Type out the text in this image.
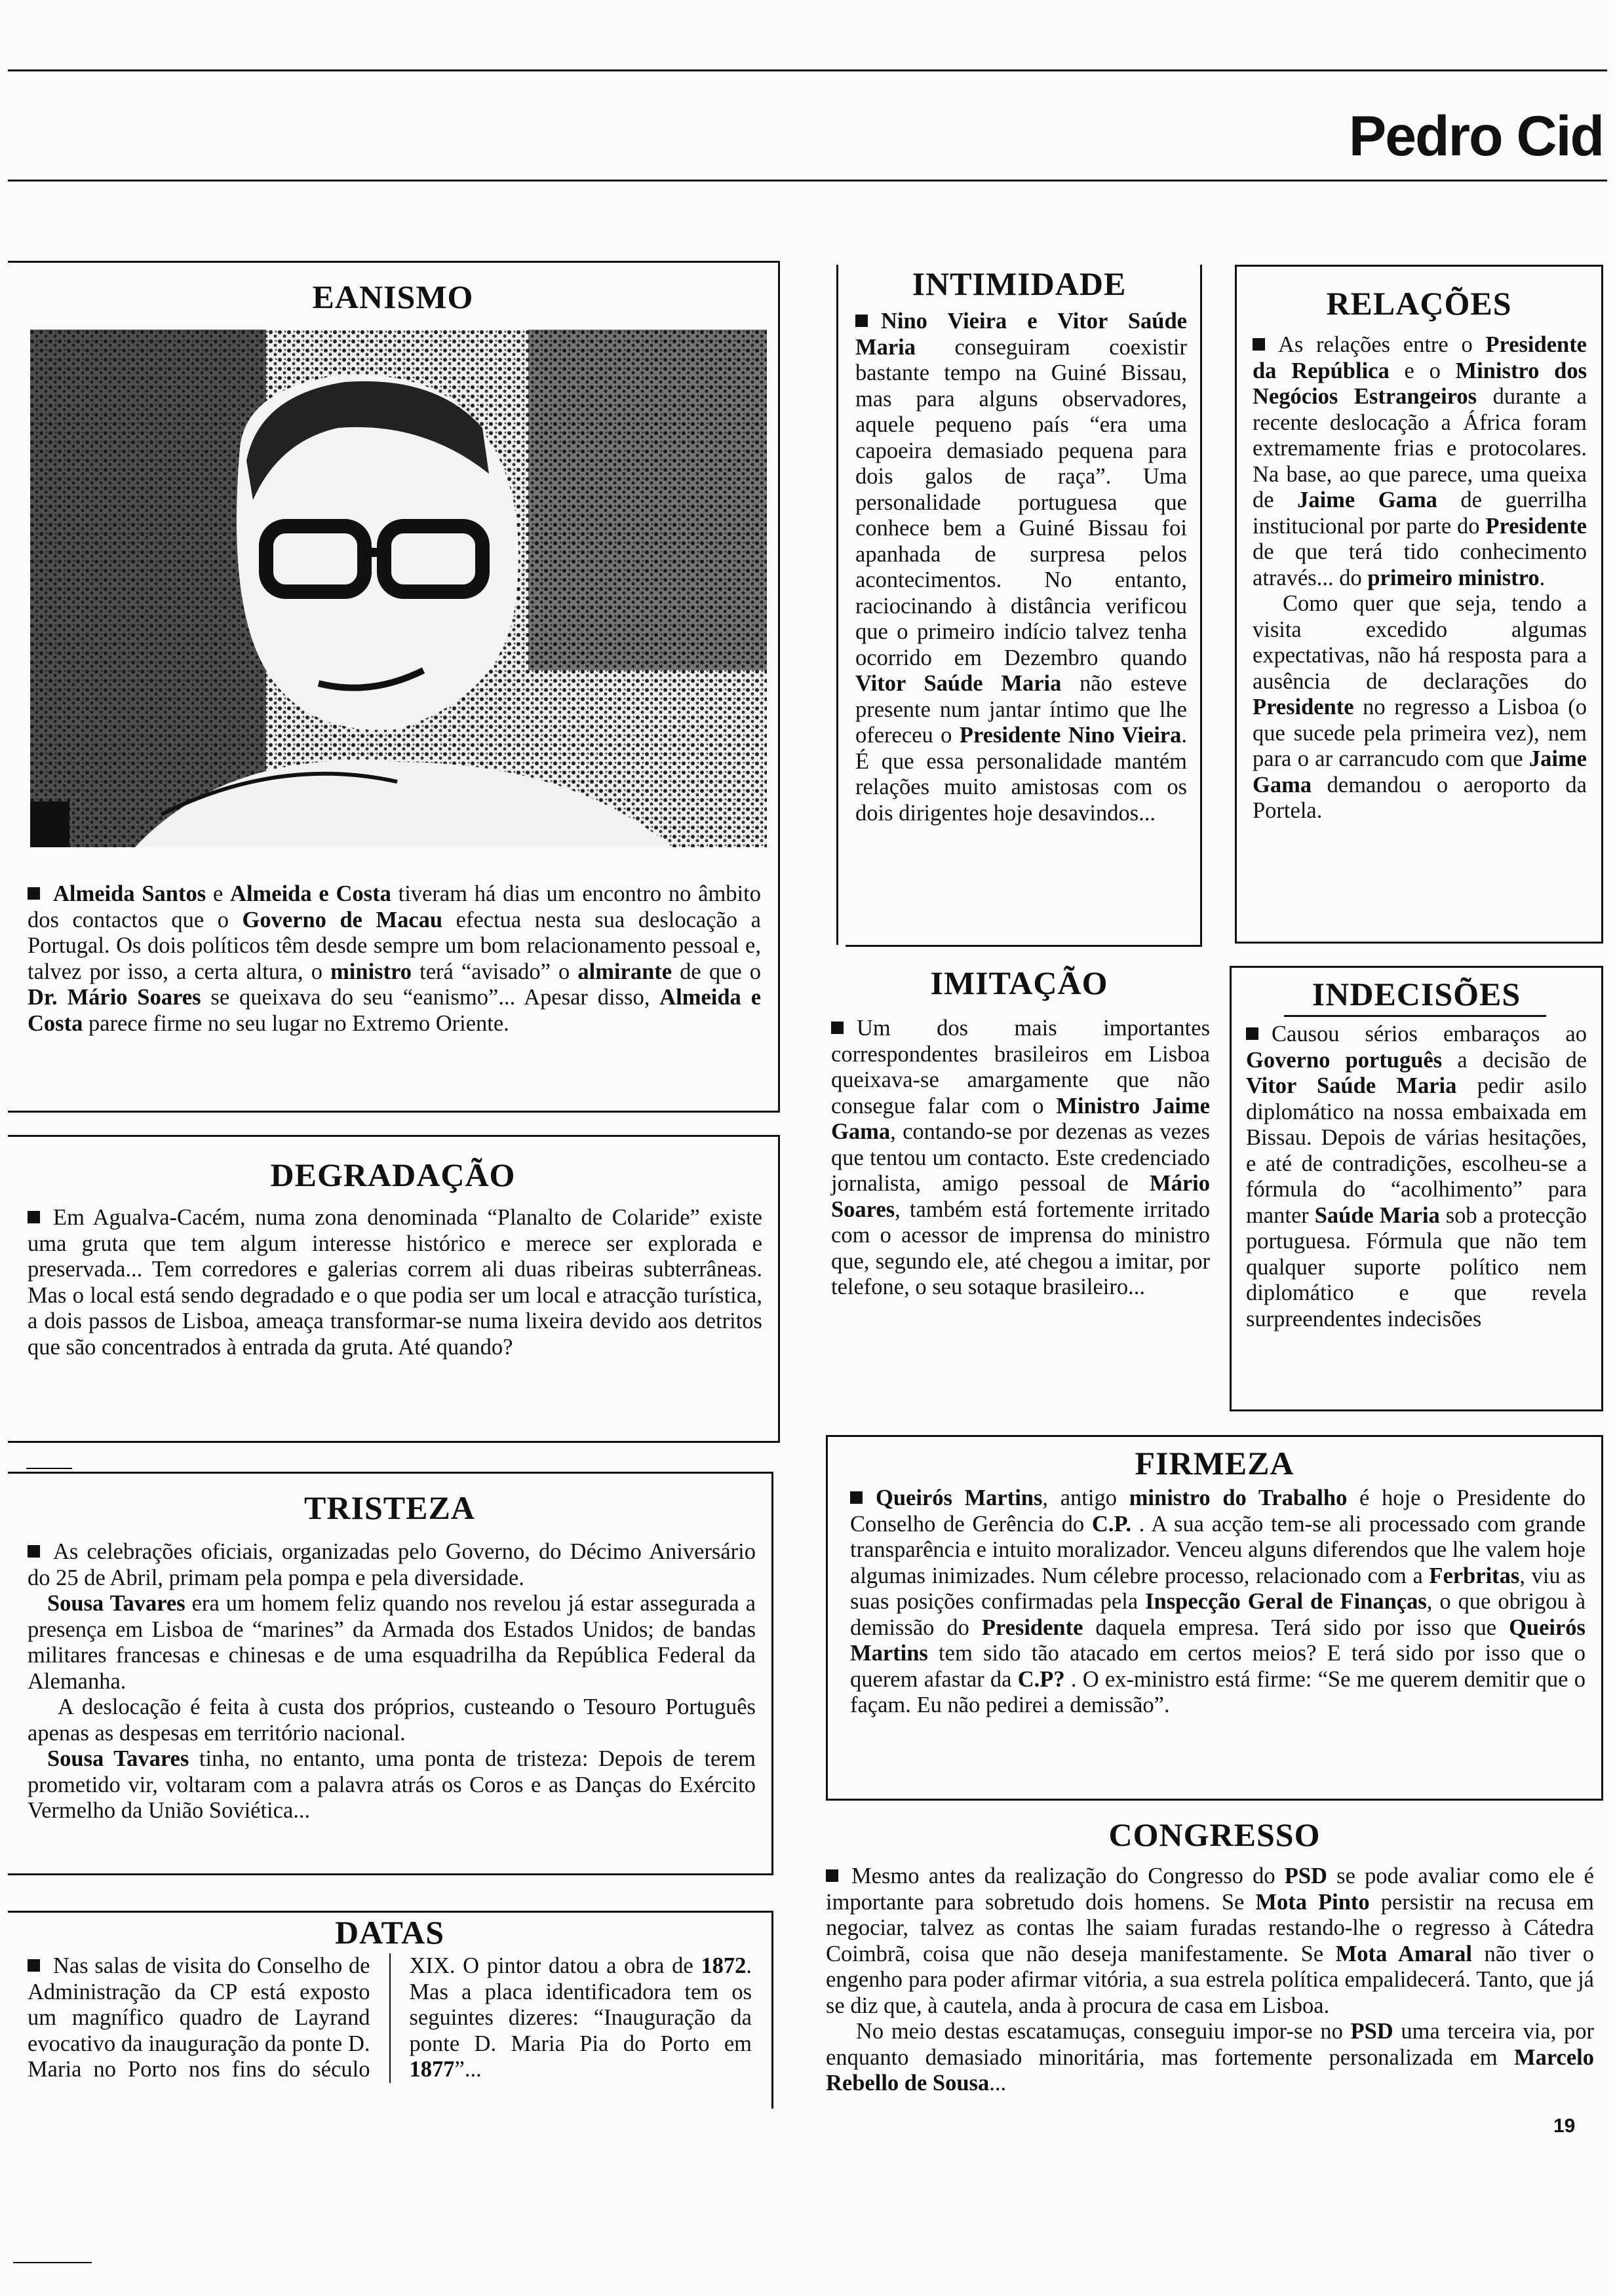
Pedro Cid
EANISMO

Almeida Santos e Almeida e Costa tiveram há dias um encontro no âmbito dos contactos que o Governo de Macau efectua nesta sua deslocação a Portugal. Os dois políticos têm desde sempre um bom relacionamento pessoal e, talvez por isso, a certa altura, o ministro terá “avisado” o almirante de que o Dr. Mário Soares se queixava do seu “eanismo”... Apesar disso, Almeida e Costa parece firme no seu lugar no Extremo Oriente.

DEGRADAÇÃO

Em Agualva-Cacém, numa zona denominada “Planalto de Colaride” existe uma gruta que tem algum interesse histórico e merece ser explorada e preservada... Tem corredores e galerias correm ali duas ribeiras subterrâneas. Mas o local está sendo degradado e o que podia ser um local e atracção turística, a dois passos de Lisboa, ameaça transformar-se numa lixeira devido aos detritos que são concentrados à entrada da gruta. Até quando?

TRISTEZA

As celebrações oficiais, organizadas pelo Governo, do Décimo Aniversário do 25 de Abril, primam pela pompa e pela diversidade.

Sousa Tavares era um homem feliz quando nos revelou já estar assegurada a presença em Lisboa de “marines” da Armada dos Estados Unidos; de bandas militares francesas e chinesas e de uma esquadrilha da República Federal da Alemanha.

A deslocação é feita à custa dos próprios, custeando o Tesouro Português apenas as despesas em território nacional.

Sousa Tavares tinha, no entanto, uma ponta de tristeza: Depois de terem prometido vir, voltaram com a palavra atrás os Coros e as Danças do Exército Vermelho da União Soviética...

DATAS

Nas salas de visita do Conselho de Administração da CP está exposto um magnífico quadro de Layrand evocativo da inauguração da ponte D. Maria no Porto nos fins do século XIX. O pintor datou a obra de 1872. Mas a placa identificadora tem os seguintes dizeres: “Inauguração da ponte D. Maria Pia do Porto em 1877”...

INTIMIDADE

Nino Vieira e Vitor Saúde Maria conseguiram coexistir bastante tempo na Guiné Bissau, mas para alguns observadores, aquele pequeno país “era uma capoeira demasiado pequena para dois galos de raça”. Uma personalidade portuguesa que conhece bem a Guiné Bissau foi apanhada de surpresa pelos acontecimentos. No entanto, raciocinando à distância verificou que o primeiro indício talvez tenha ocorrido em Dezembro quando Vitor Saúde Maria não esteve presente num jantar íntimo que lhe ofereceu o Presidente Nino Vieira. É que essa personalidade mantém relações muito amistosas com os dois dirigentes hoje desavindos...

RELAÇÕES

As relações entre o Presidente da República e o Ministro dos Negócios Estrangeiros durante a recente deslocação a África foram extremamente frias e protocolares. Na base, ao que parece, uma queixa de Jaime Gama de guerrilha institucional por parte do Presidente de que terá tido conhecimento através... do primeiro ministro.

Como quer que seja, tendo a visita excedido algumas expectativas, não há resposta para a ausência de declarações do Presidente no regresso a Lisboa (o que sucede pela primeira vez), nem para o ar carrancudo com que Jaime Gama demandou o aeroporto da Portela.

IMITAÇÃO

Um dos mais importantes correspondentes brasileiros em Lisboa queixava-se amargamente que não consegue falar com o Ministro Jaime Gama, contando-se por dezenas as vezes que tentou um contacto. Este credenciado jornalista, amigo pessoal de Mário Soares, também está fortemente irritado com o acessor de imprensa do ministro que, segundo ele, até chegou a imitar, por telefone, o seu sotaque brasileiro...

INDECISÕES

Causou sérios embaraços ao Governo português a decisão de Vitor Saúde Maria pedir asilo diplomático na nossa embaixada em Bissau. Depois de várias hesitações, e até de contradições, escolheu-se a fórmula do “acolhimento” para manter Saúde Maria sob a protecção portuguesa. Fórmula que não tem qualquer suporte político nem diplomático e que revela surpreendentes indecisões

FIRMEZA

Queirós Martins, antigo ministro do Trabalho é hoje o Presidente do Conselho de Gerência do C.P. . A sua acção tem-se ali processado com grande transparência e intuito moralizador. Venceu alguns diferendos que lhe valem hoje algumas inimizades. Num célebre processo, relacionado com a Ferbritas, viu as suas posições confirmadas pela Inspecção Geral de Finanças, o que obrigou à demissão do Presidente daquela empresa. Terá sido por isso que Queirós Martins tem sido tão atacado em certos meios? E terá sido por isso que o querem afastar da C.P? . O ex-ministro está firme: “Se me querem demitir que o façam. Eu não pedirei a demissão”.

CONGRESSO

Mesmo antes da realização do Congresso do PSD se pode avaliar como ele é importante para sobretudo dois homens. Se Mota Pinto persistir na recusa em negociar, talvez as contas lhe saiam furadas restando-lhe o regresso à Cátedra Coimbrã, coisa que não deseja manifestamente. Se Mota Amaral não tiver o engenho para poder afirmar vitória, a sua estrela política empalidecerá. Tanto, que já se diz que, à cautela, anda à procura de casa em Lisboa.

No meio destas escatamuças, conseguiu impor-se no PSD uma terceira via, por enquanto demasiado minoritária, mas fortemente personalizada em Marcelo Rebello de Sousa...

19
